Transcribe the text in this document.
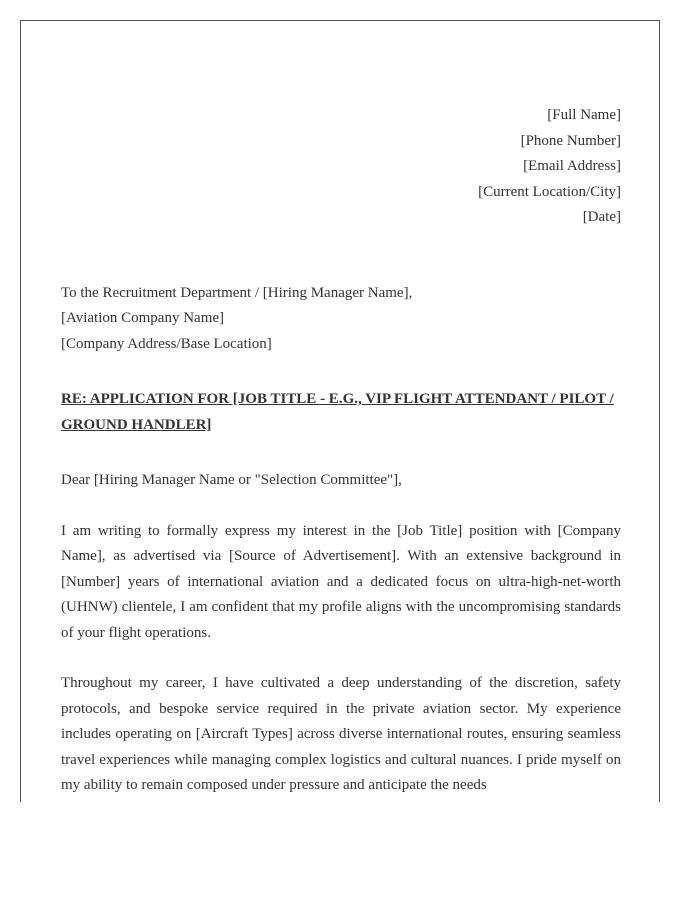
[Full Name]
[Phone Number]
[Email Address]
[Current Location/City]
[Date]
To the Recruitment Department / [Hiring Manager Name],
[Aviation Company Name]
[Company Address/Base Location]
RE: APPLICATION FOR [JOB TITLE - E.G., VIP FLIGHT ATTENDANT / PILOT / GROUND HANDLER]
Dear [Hiring Manager Name or "Selection Committee"],
I am writing to formally express my interest in the [Job Title] position with [Company Name], as advertised via [Source of Advertisement]. With an extensive background in [Number] years of international aviation and a dedicated focus on ultra-high-net-worth (UHNW) clientele, I am confident that my profile aligns with the uncompromising standards of your flight operations.
Throughout my career, I have cultivated a deep understanding of the discretion, safety protocols, and bespoke service required in the private aviation sector. My experience includes operating on [Aircraft Types] across diverse international routes, ensuring seamless travel experiences while managing complex logistics and cultural nuances. I pride myself on my ability to remain composed under pressure and anticipate the needs
